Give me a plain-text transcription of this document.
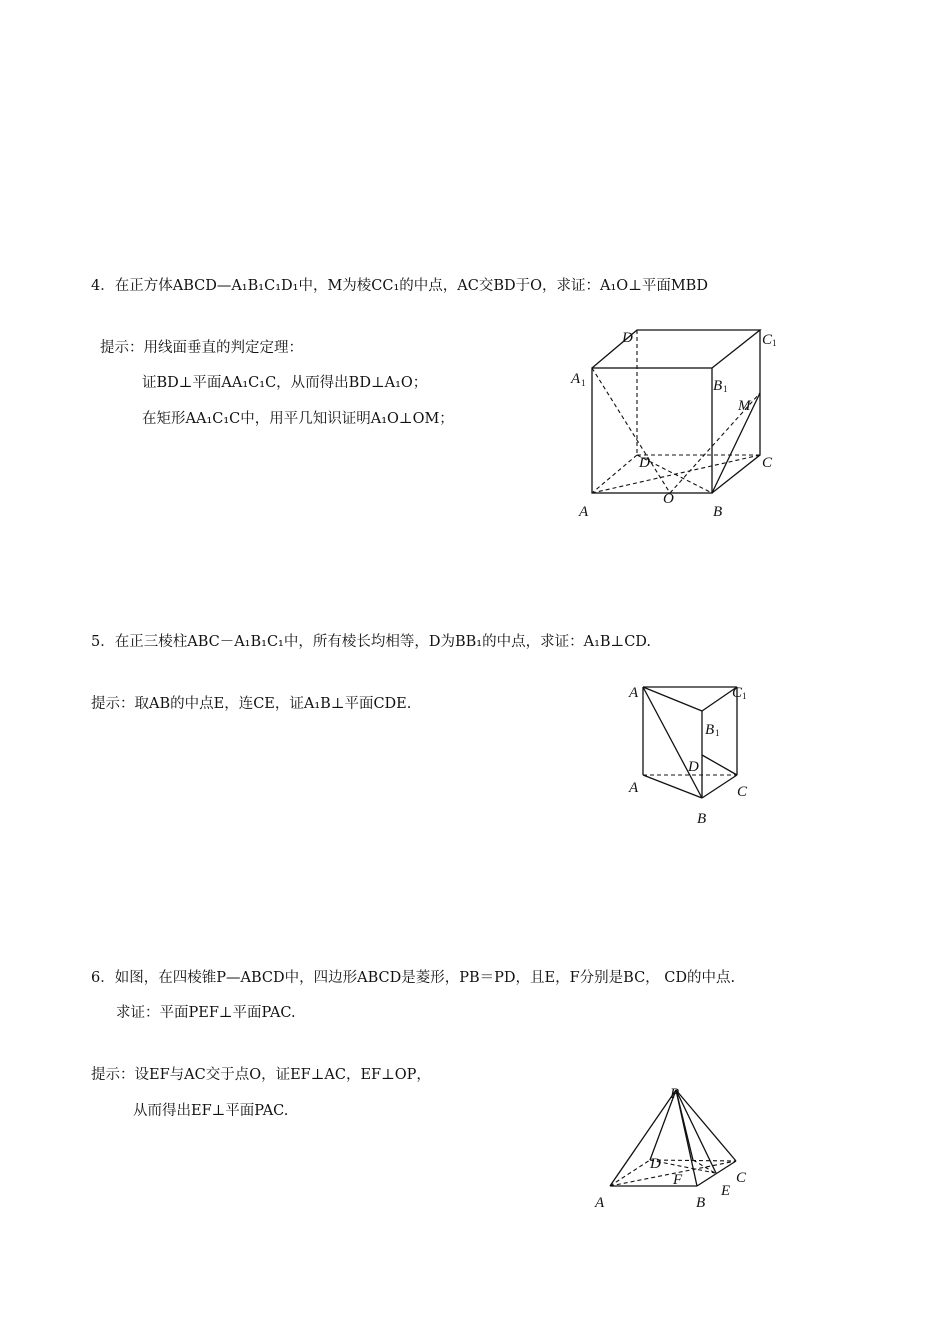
4．在正方体ABCD—A₁B₁C₁D₁中，M为棱CC₁的中点，AC交BD于O，求证：A₁O⊥平面MBD
提示：用线面垂直的判定定理：
证BD⊥平面AA₁C₁C，从而得出BD⊥A₁O；
在矩形AA₁C₁C中，用平几知识证明A₁O⊥OM；
D	C 1
A 1	B 1
M
D	C
A
O
B
5．在正三棱柱ABC－A₁B₁C₁中，所有棱长均相等，D为BB₁的中点，求证：A₁B⊥CD.
提示：取AB的中点E，连CE，证A₁B⊥平面CDE.
A	C 1
B 1
D
A	C
B
6．如图，在四棱锥P—ABCD中，四边形ABCD是菱形，PB＝PD，且E，F分别是BC， CD的中点.
求证：平面PEF⊥平面PAC.
提示：设EF与AC交于点O，证EF⊥AC，EF⊥OP，
从而得出EF⊥平面PAC.
P
D
F	C
E
A	B
